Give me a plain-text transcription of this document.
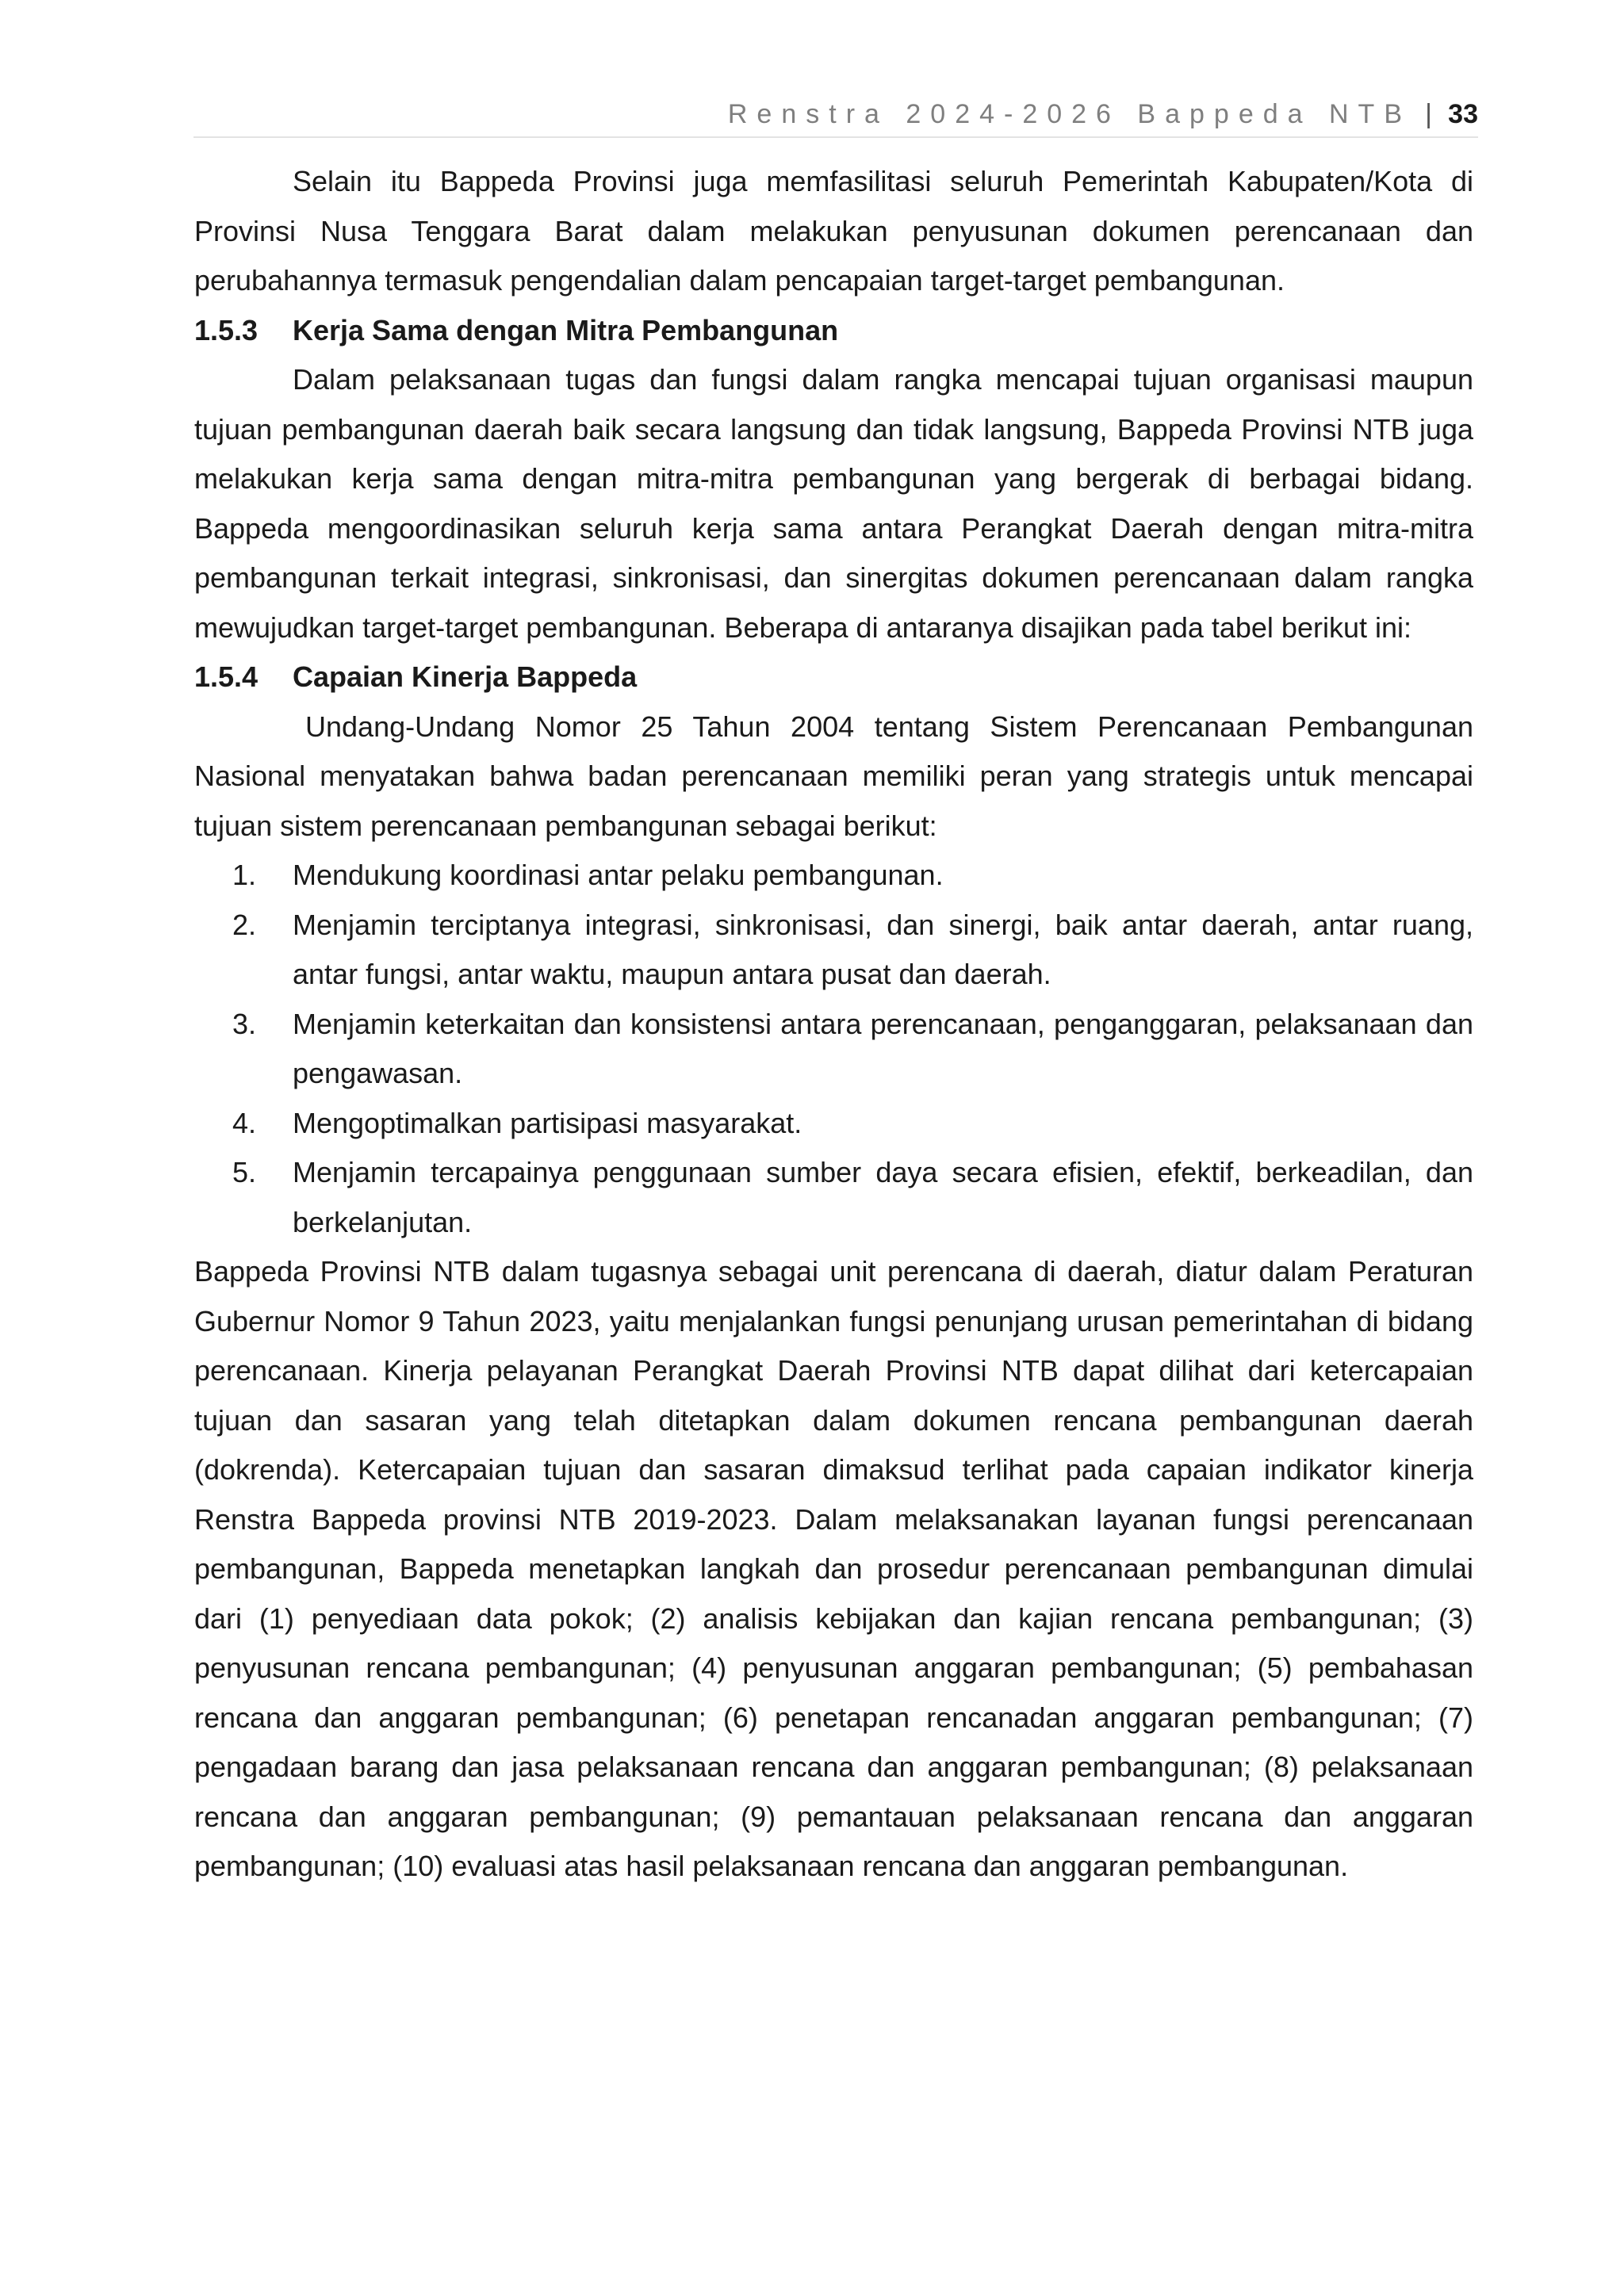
Renstra 2024-2026 Bappeda NTB | 33

Selain itu Bappeda Provinsi juga memfasilitasi seluruh Pemerintah Kabupaten/Kota di Provinsi Nusa Tenggara Barat dalam melakukan penyusunan dokumen perencanaan dan perubahannya termasuk pengendalian dalam pencapaian target-target pembangunan.

1.5.3 Kerja Sama dengan Mitra Pembangunan

Dalam pelaksanaan tugas dan fungsi dalam rangka mencapai tujuan organisasi maupun tujuan pembangunan daerah baik secara langsung dan tidak langsung, Bappeda Provinsi NTB juga melakukan kerja sama dengan mitra-mitra pembangunan yang bergerak di berbagai bidang. Bappeda mengoordinasikan seluruh kerja sama antara Perangkat Daerah dengan mitra-mitra pembangunan terkait integrasi, sinkronisasi, dan sinergitas dokumen perencanaan dalam rangka mewujudkan target-target pembangunan. Beberapa di antaranya disajikan pada tabel berikut ini:

1.5.4 Capaian Kinerja Bappeda

Undang-Undang Nomor 25 Tahun 2004 tentang Sistem Perencanaan Pembangunan Nasional menyatakan bahwa badan perencanaan memiliki peran yang strategis untuk mencapai tujuan sistem perencanaan pembangunan sebagai berikut:

1. Mendukung koordinasi antar pelaku pembangunan.
2. Menjamin terciptanya integrasi, sinkronisasi, dan sinergi, baik antar daerah, antar ruang, antar fungsi, antar waktu, maupun antara pusat dan daerah.
3. Menjamin keterkaitan dan konsistensi antara perencanaan, penganggaran, pelaksanaan dan pengawasan.
4. Mengoptimalkan partisipasi masyarakat.
5. Menjamin tercapainya penggunaan sumber daya secara efisien, efektif, berkeadilan, dan berkelanjutan.

Bappeda Provinsi NTB dalam tugasnya sebagai unit perencana di daerah, diatur dalam Peraturan Gubernur Nomor 9 Tahun 2023, yaitu menjalankan fungsi penunjang urusan pemerintahan di bidang perencanaan. Kinerja pelayanan Perangkat Daerah Provinsi NTB dapat dilihat dari ketercapaian tujuan dan sasaran yang telah ditetapkan dalam dokumen rencana pembangunan daerah (dokrenda). Ketercapaian tujuan dan sasaran dimaksud terlihat pada capaian indikator kinerja Renstra Bappeda provinsi NTB 2019-2023. Dalam melaksanakan layanan fungsi perencanaan pembangunan, Bappeda menetapkan langkah dan prosedur perencanaan pembangunan dimulai dari (1) penyediaan data pokok; (2) analisis kebijakan dan kajian rencana pembangunan; (3) penyusunan rencana pembangunan; (4) penyusunan anggaran pembangunan; (5) pembahasan rencana dan anggaran pembangunan; (6) penetapan rencanadan anggaran pembangunan; (7) pengadaan barang dan jasa pelaksanaan rencana dan anggaran pembangunan; (8) pelaksanaan rencana dan anggaran pembangunan; (9) pemantauan pelaksanaan rencana dan anggaran pembangunan; (10) evaluasi atas hasil pelaksanaan rencana dan anggaran pembangunan.
